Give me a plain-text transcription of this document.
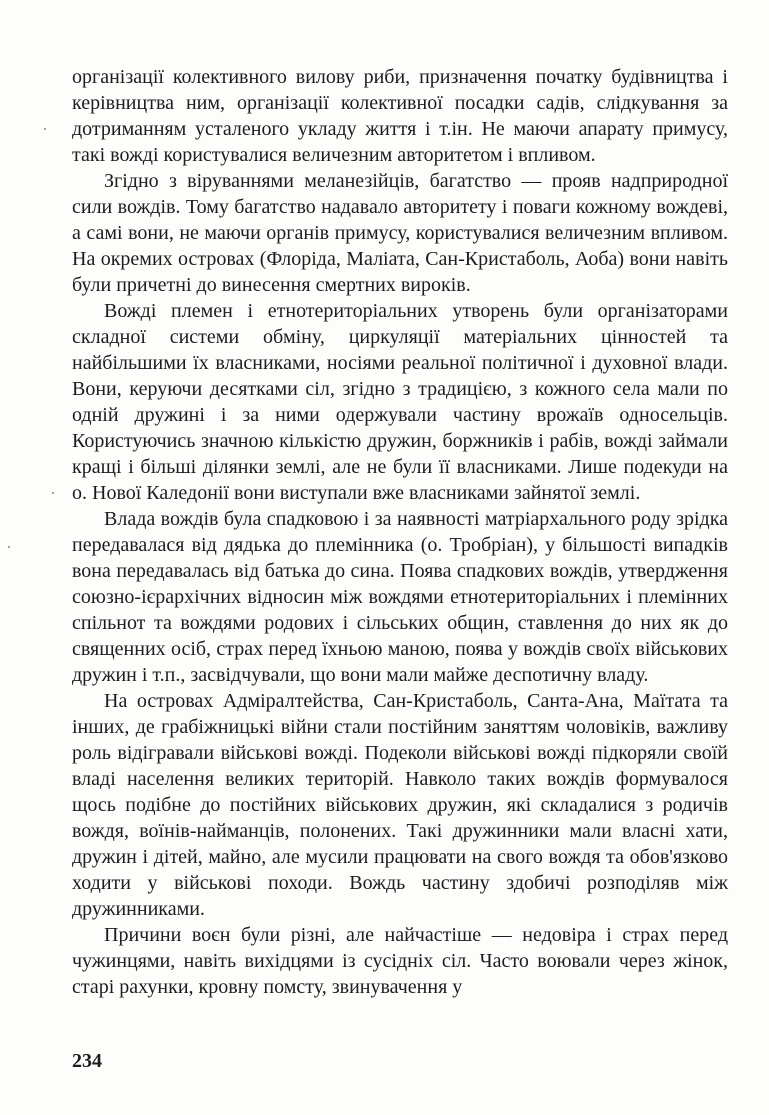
організації колективного вилову риби, призначення початку будівництва і керівництва ним, організації колективної посадки садів, слідкування за дотриманням усталеного укладу життя і т.ін. Не маючи апарату примусу, такі вожді користувалися величезним авторитетом і впливом.

Згідно з віруваннями меланезійців, багатство — прояв надприродної сили вождів. Тому багатство надавало авторитету і поваги кожному вождеві, а самі вони, не маючи органів примусу, користувалися величезним впливом. На окремих островах (Флоріда, Маліата, Сан-Кристаболь, Аоба) вони навіть були причетні до винесення смертних вироків.

Вожді племен і етнотериторіальних утворень були організаторами складної системи обміну, циркуляції матеріальних цінностей та найбільшими їх власниками, носіями реальної політичної і духовної влади. Вони, керуючи десятками сіл, згідно з традицією, з кожного села мали по одній дружині і за ними одержували частину врожаїв односельців. Користуючись значною кількістю дружин, боржників і рабів, вожді займали кращі і більші ділянки землі, але не були її власниками. Лише подекуди на о. Нової Каледонії вони виступали вже власниками зайнятої землі.

Влада вождів була спадковою і за наявності матріархального роду зрідка передавалася від дядька до племінника (о. Тробріан), у більшості випадків вона передавалась від батька до сина. Поява спадкових вождів, утвердження союзно-ієрархічних відносин між вождями етнотериторіальних і племінних спільнот та вождями родових і сільських общин, ставлення до них як до священних осіб, страх перед їхньою маною, поява у вождів своїх військових дружин і т.п., засвідчували, що вони мали майже деспотичну владу.

На островах Адміралтейства, Сан-Кристаболь, Санта-Ана, Маїтата та інших, де грабіжницькі війни стали постійним заняттям чоловіків, важливу роль відігравали військові вожді. Подеколи військові вожді підкоряли своїй владі населення великих територій. Навколо таких вождів формувалося щось подібне до постійних військових дружин, які складалися з родичів вождя, воїнів-найманців, полонених. Такі дружинники мали власні хати, дружин і дітей, майно, але мусили працювати на свого вождя та обов'язково ходити у військові походи. Вождь частину здобичі розподіляв між дружинниками.

Причини воєн були різні, але найчастіше — недовіра і страх перед чужинцями, навіть вихідцями із сусідніх сіл. Часто воювали через жінок, старі рахунки, кровну помсту, звинувачення у

234
